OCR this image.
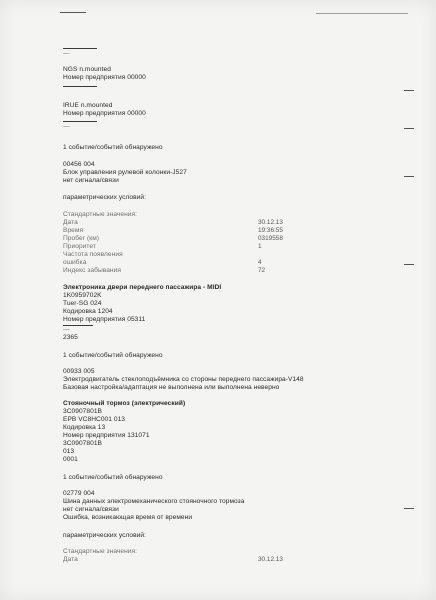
—
NGS n.mounted
Номер предприятия 00000
IRUE n.mounted
Номер предприятия 00000
—
1 событие/событий обнаружено
00456 004
Блок управления рулевой колонки-J527
нет сигнала/связи
параметрических условий:
Стандартные значения:
Дата	30.12.13
Время	19:36:55
Пробег (км)	0319558
Приоритет	1
Частота появления
ошибка	4
Индекс забывания	72
Электроника двери переднего пассажира - MIDI
1K0959702K
Tuer-SG 024
Кодировка 1204
Номер предприятия 05311
—
2365
1 событие/событий обнаружено
00933 005
Электродвигатель стеклоподъёмника со стороны переднего пассажира-V148
Базовая настройка/адаптация не выполнена или выполнена неверно
Стояночный тормоз (электрический)
3C0907801B
EPB VC8HC001 013
Кодировка 13
Номер предприятия 131071
3C0907801B
013
0001
1 событие/событий обнаружено
02779 004
Шина данных электромеханического стояночного тормоза
нет сигнала/связи
Ошибка, возникающая время от времени
параметрических условий:
Стандартные значения:
Дата	30.12.13
